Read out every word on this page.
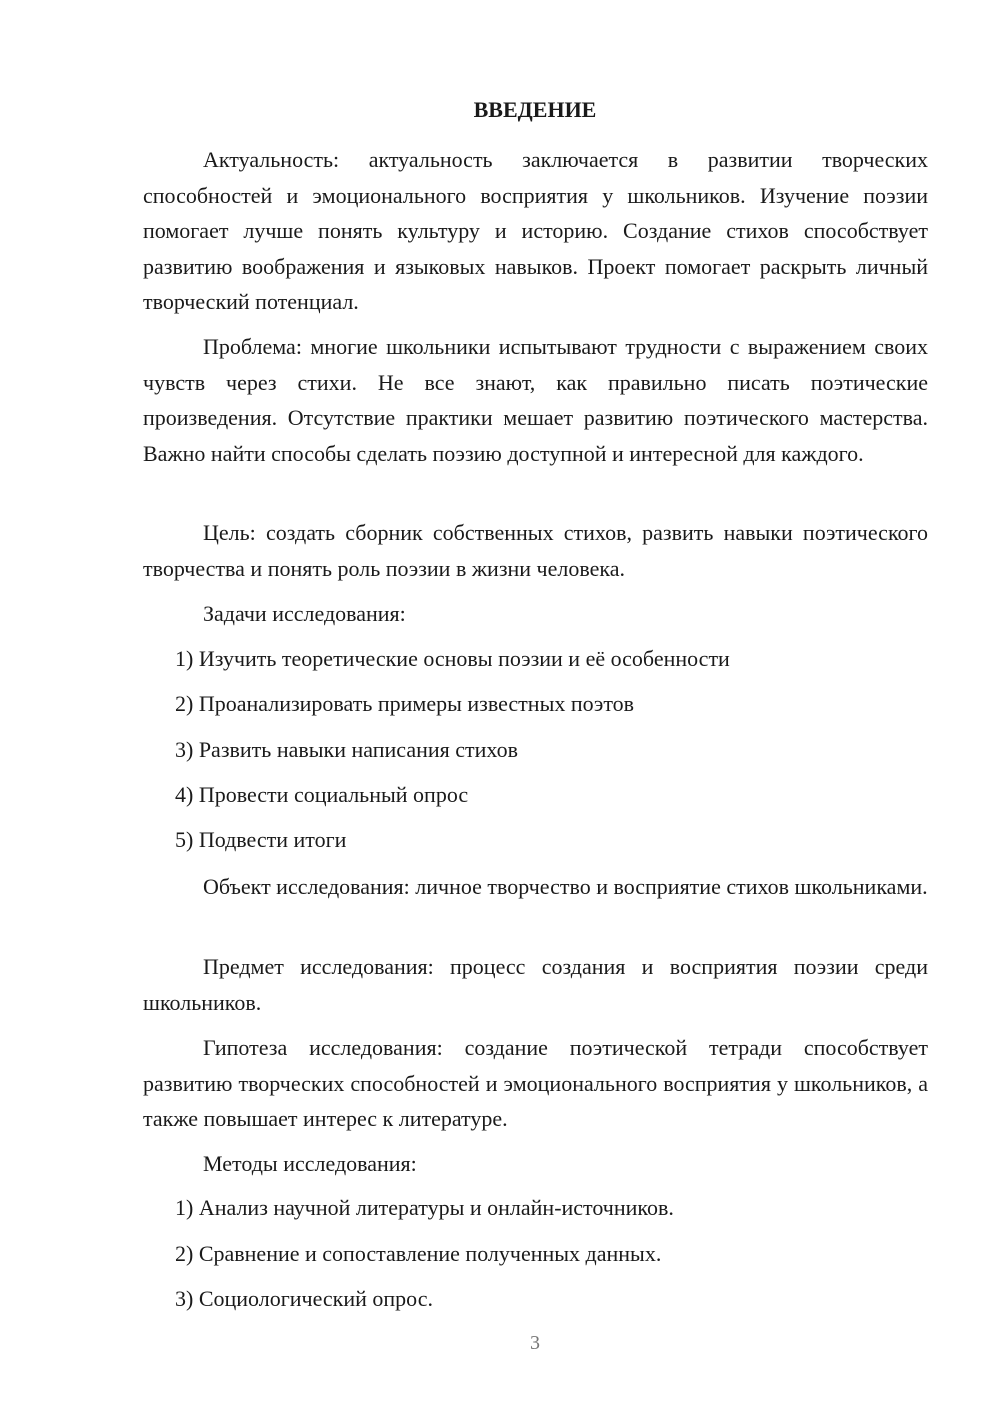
ВВЕДЕНИЕ

Актуальность: актуальность заключается в развитии творческих способностей и эмоционального восприятия у школьников. Изучение поэзии помогает лучше понять культуру и историю. Создание стихов способствует развитию воображения и языковых навыков. Проект помогает раскрыть личный творческий потенциал.

Проблема: многие школьники испытывают трудности с выражением своих чувств через стихи. Не все знают, как правильно писать поэтические произведения. Отсутствие практики мешает развитию поэтического мастерства. Важно найти способы сделать поэзию доступной и интересной для каждого.

Цель: создать сборник собственных стихов, развить навыки поэтического творчества и понять роль поэзии в жизни человека.

Задачи исследования:

1) Изучить теоретические основы поэзии и её особенности

2) Проанализировать примеры известных поэтов

3) Развить навыки написания стихов

4) Провести социальный опрос

5) Подвести итоги

Объект исследования: личное творчество и восприятие стихов школьниками.

Предмет исследования: процесс создания и восприятия поэзии среди школьников.

Гипотеза исследования: создание поэтической тетради способствует развитию творческих способностей и эмоционального восприятия у школьников, а также повышает интерес к литературе.

Методы исследования:

1) Анализ научной литературы и онлайн-источников.

2) Сравнение и сопоставление полученных данных.

3) Социологический опрос.

3
